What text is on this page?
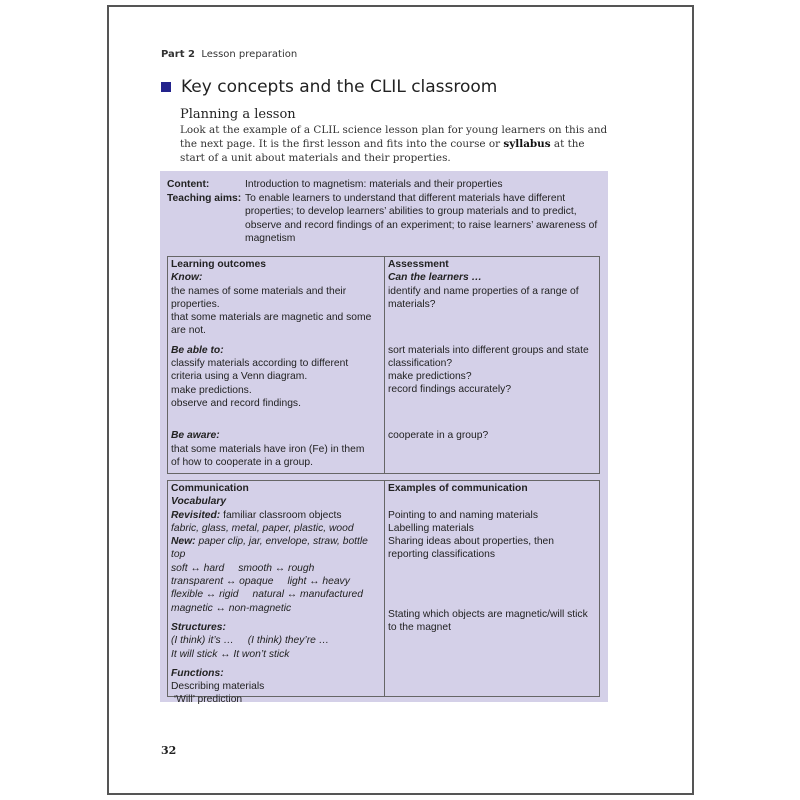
Part 2 Lesson preparation
Key concepts and the CLIL classroom
Planning a lesson
Look at the example of a CLIL science lesson plan for young learners on this and the next page. It is the first lesson and fits into the course or syllabus at the start of a unit about materials and their properties.
Content:	Introduction to magnetism: materials and their properties
Teaching aims: To enable learners to understand that different materials have different properties; to develop learners’ abilities to group materials and to predict, observe and record findings of an experiment; to raise learners’ awareness of magnetism
Learning outcomes
Know:
the names of some materials and their properties.
that some materials are magnetic and some are not.
Be able to:
classify materials according to different criteria using a Venn diagram.
make predictions.
observe and record findings.
Be aware:
that some materials have iron (Fe) in them
of how to cooperate in a group.
Assessment
Can the learners …
identify and name properties of a range of materials?
sort materials into different groups and state classification?
make predictions?
record findings accurately?
cooperate in a group?
Communication
Vocabulary
Revisited: familiar classroom objects
fabric, glass, metal, paper, plastic, wood
New: paper clip, jar, envelope, straw, bottle top
soft ↔ hard smooth ↔ rough
transparent ↔ opaque light ↔ heavy
flexible ↔ rigid natural ↔ manufactured
magnetic ↔ non-magnetic
Structures:
(I think) it’s … (I think) they’re …
It will stick ↔ It won’t stick
Functions:
Describing materials
‘Will’ prediction
Examples of communication
Pointing to and naming materials
Labelling materials
Sharing ideas about properties, then reporting classifications
Stating which objects are magnetic/will stick to the magnet
32
